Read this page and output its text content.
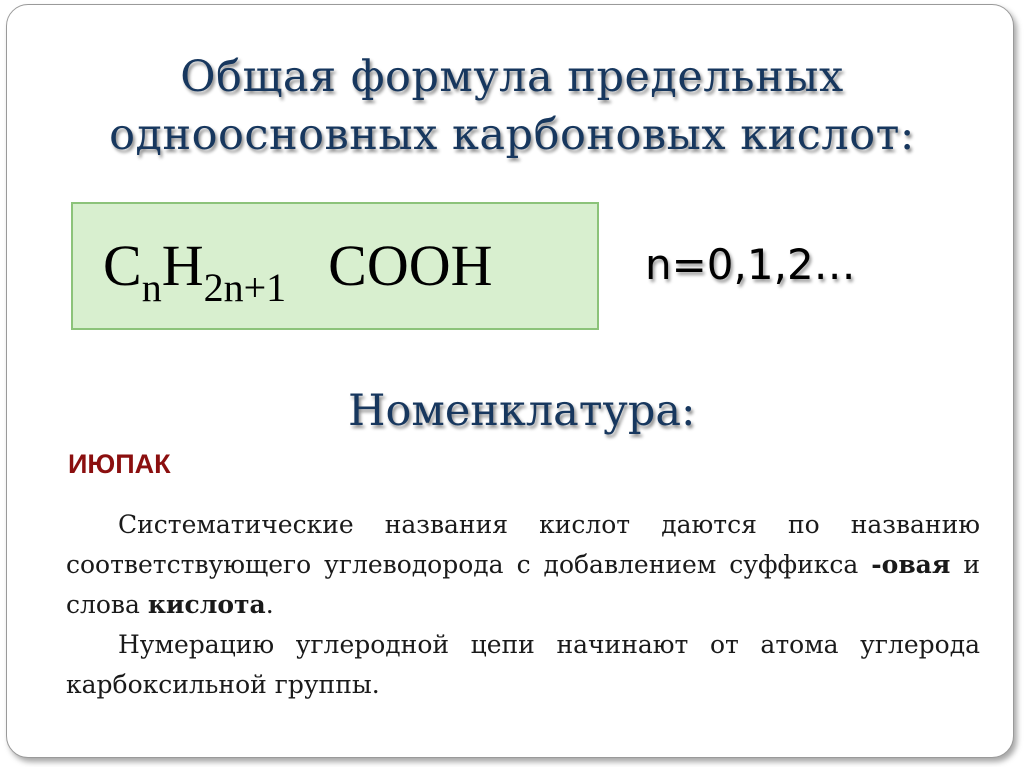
Общая формула предельных
одноосновных карбоновых кислот:
$C_nH_{2n+1}$ COOH	n=0,1,2…
Номенклатура:
ИЮПАК

Систематические названия кислот даются по названию соответствующего углеводорода с добавлением суффикса -овая и слова кислота.

Нумерацию углеродной цепи начинают от атома углерода карбоксильной группы.
